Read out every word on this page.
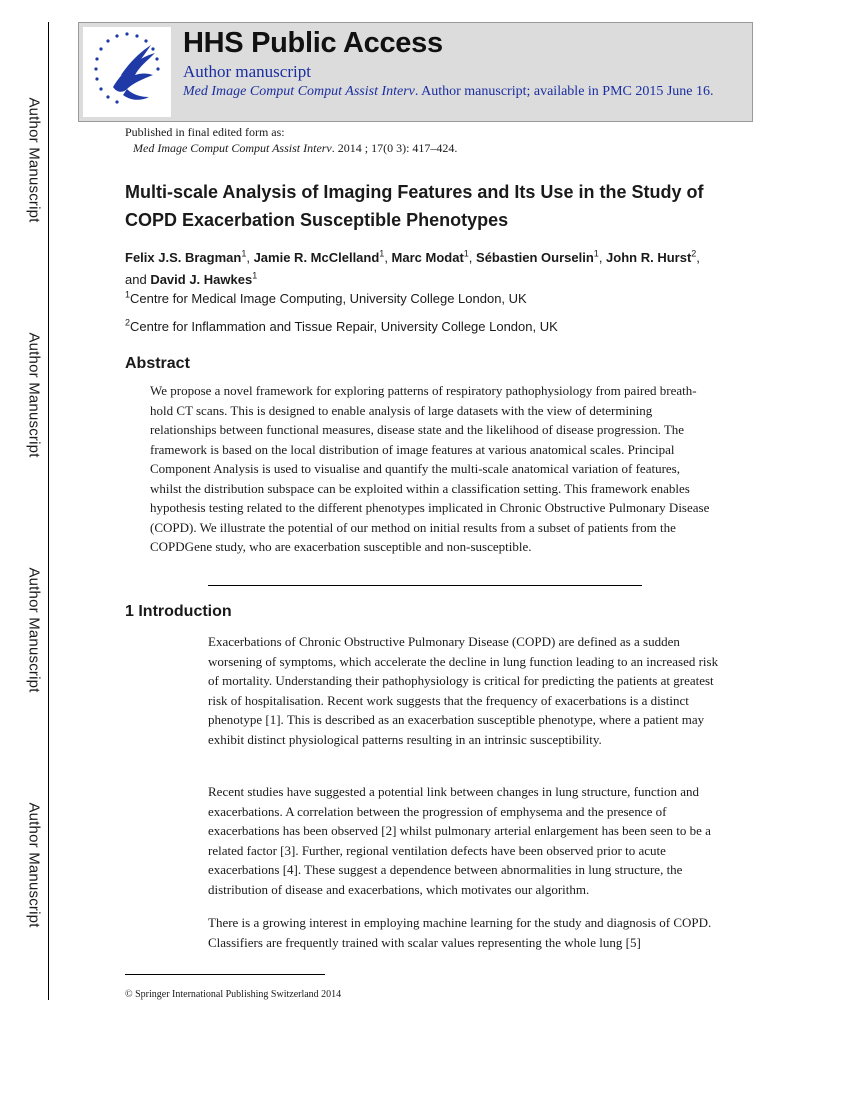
Author Manuscript
Author Manuscript
Author Manuscript
Author Manuscript
HHS Public Access
Author manuscript
Med Image Comput Comput Assist Interv. Author manuscript; available in PMC 2015 June 16.
Published in final edited form as:
Med Image Comput Comput Assist Interv. 2014 ; 17(0 3): 417–424.
Multi-scale Analysis of Imaging Features and Its Use in the Study of COPD Exacerbation Susceptible Phenotypes
Felix J.S. Bragman$^1$, Jamie R. McClelland$^1$, Marc Modat$^1$, Sébastien Ourselin$^1$, John R. Hurst$^2$, and David J. Hawkes$^1$
$^1$Centre for Medical Image Computing, University College London, UK
$^2$Centre for Inflammation and Tissue Repair, University College London, UK
Abstract

We propose a novel framework for exploring patterns of respiratory pathophysiology from paired breath-hold CT scans. This is designed to enable analysis of large datasets with the view of determining relationships between functional measures, disease state and the likelihood of disease progression. The framework is based on the local distribution of image features at various anatomical scales. Principal Component Analysis is used to visualise and quantify the multi-scale anatomical variation of features, whilst the distribution subspace can be exploited within a classification setting. This framework enables hypothesis testing related to the different phenotypes implicated in Chronic Obstructive Pulmonary Disease (COPD). We illustrate the potential of our method on initial results from a subset of patients from the COPDGene study, who are exacerbation susceptible and non-susceptible.

1 Introduction

Exacerbations of Chronic Obstructive Pulmonary Disease (COPD) are defined as a sudden worsening of symptoms, which accelerate the decline in lung function leading to an increased risk of mortality. Understanding their pathophysiology is critical for predicting the patients at greatest risk of hospitalisation. Recent work suggests that the frequency of exacerbations is a distinct phenotype [1]. This is described as an exacerbation susceptible phenotype, where a patient may exhibit distinct physiological patterns resulting in an intrinsic susceptibility.

Recent studies have suggested a potential link between changes in lung structure, function and exacerbations. A correlation between the progression of emphysema and the presence of exacerbations has been observed [2] whilst pulmonary arterial enlargement has been seen to be a related factor [3]. Further, regional ventilation defects have been observed prior to acute exacerbations [4]. These suggest a dependence between abnormalities in lung structure, the distribution of disease and exacerbations, which motivates our algorithm.

There is a growing interest in employing machine learning for the study and diagnosis of COPD. Classifiers are frequently trained with scalar values representing the whole lung [5]

© Springer International Publishing Switzerland 2014
